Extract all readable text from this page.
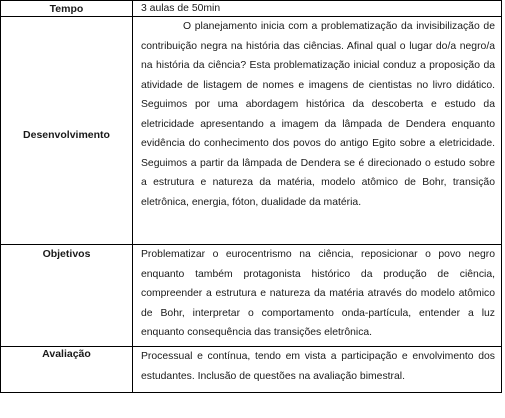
Tempo	3 aulas de 50min

Desenvolvimento	O planejamento inicia com a problematização da invisibilização de contribuição negra na história das ciências. Afinal qual o lugar do/a negro/a na história da ciência? Esta problematização inicial conduz a proposição da atividade de listagem de nomes e imagens de cientistas no livro didático. Seguimos por uma abordagem histórica da descoberta e estudo da eletricidade apresentando a imagem da lâmpada de Dendera enquanto evidência do conhecimento dos povos do antigo Egito sobre a eletricidade. Seguimos a partir da lâmpada de Dendera se é direcionado o estudo sobre a estrutura e natureza da matéria, modelo atômico de Bohr, transição eletrônica, energia, fóton, dualidade da matéria.

Objetivos	Problematizar o eurocentrismo na ciência, reposicionar o povo negro enquanto também protagonista histórico da produção de ciência, compreender a estrutura e natureza da matéria através do modelo atômico de Bohr, interpretar o comportamento onda-partícula, entender a luz enquanto consequência das transições eletrônica.

Avaliação	Processual e contínua, tendo em vista a participação e envolvimento dos estudantes. Inclusão de questões na avaliação bimestral.
